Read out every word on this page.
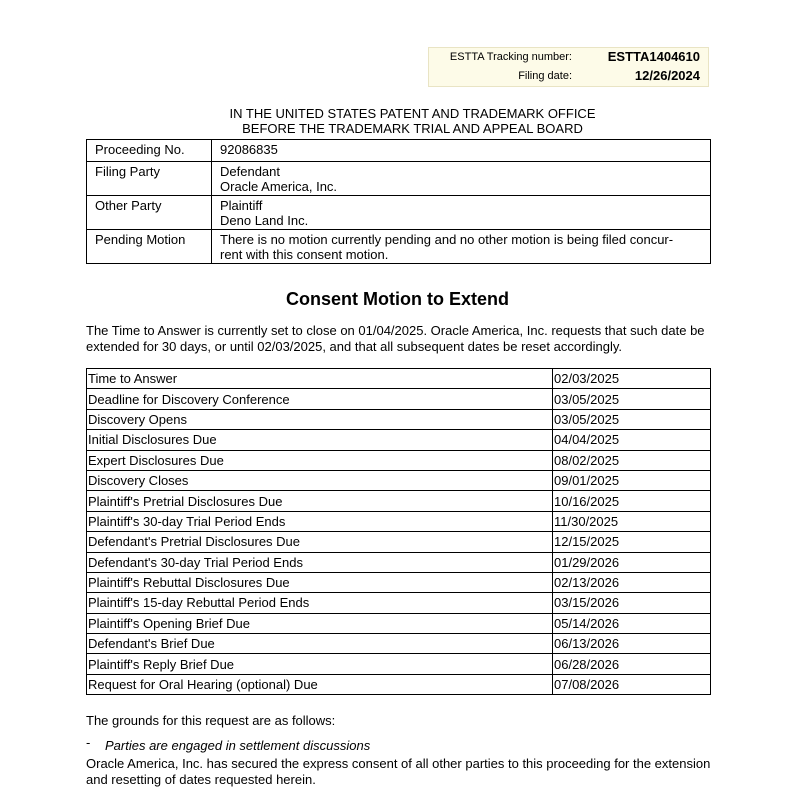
ESTTA Tracking number:	ESTTA1404610
Filing date:	12/26/2024
IN THE UNITED STATES PATENT AND TRADEMARK OFFICE
BEFORE THE TRADEMARK TRIAL AND APPEAL BOARD
Proceeding No.	92086835

Filing Party	Defendant
Oracle America, Inc.

Other Party	Plaintiff
Deno Land Inc.

Pending Motion	There is no motion currently pending and no other motion is being filed concur-
rent with this consent motion.
Consent Motion to Extend
The Time to Answer is currently set to close on 01/04/2025. Oracle America, Inc. requests that such date be
extended for 30 days, or until 02/03/2025, and that all subsequent dates be reset accordingly.
Time to Answer	02/03/2025
Deadline for Discovery Conference	03/05/2025
Discovery Opens	03/05/2025
Initial Disclosures Due	04/04/2025
Expert Disclosures Due	08/02/2025
Discovery Closes	09/01/2025
Plaintiff's Pretrial Disclosures Due	10/16/2025
Plaintiff's 30-day Trial Period Ends	11/30/2025
Defendant's Pretrial Disclosures Due	12/15/2025
Defendant's 30-day Trial Period Ends	01/29/2026
Plaintiff's Rebuttal Disclosures Due	02/13/2026
Plaintiff's 15-day Rebuttal Period Ends	03/15/2026
Plaintiff's Opening Brief Due	05/14/2026
Defendant's Brief Due	06/13/2026
Plaintiff's Reply Brief Due	06/28/2026
Request for Oral Hearing (optional) Due	07/08/2026
The grounds for this request are as follows:
- Parties are engaged in settlement discussions
Oracle America, Inc. has secured the express consent of all other parties to this proceeding for the extension
and resetting of dates requested herein.
